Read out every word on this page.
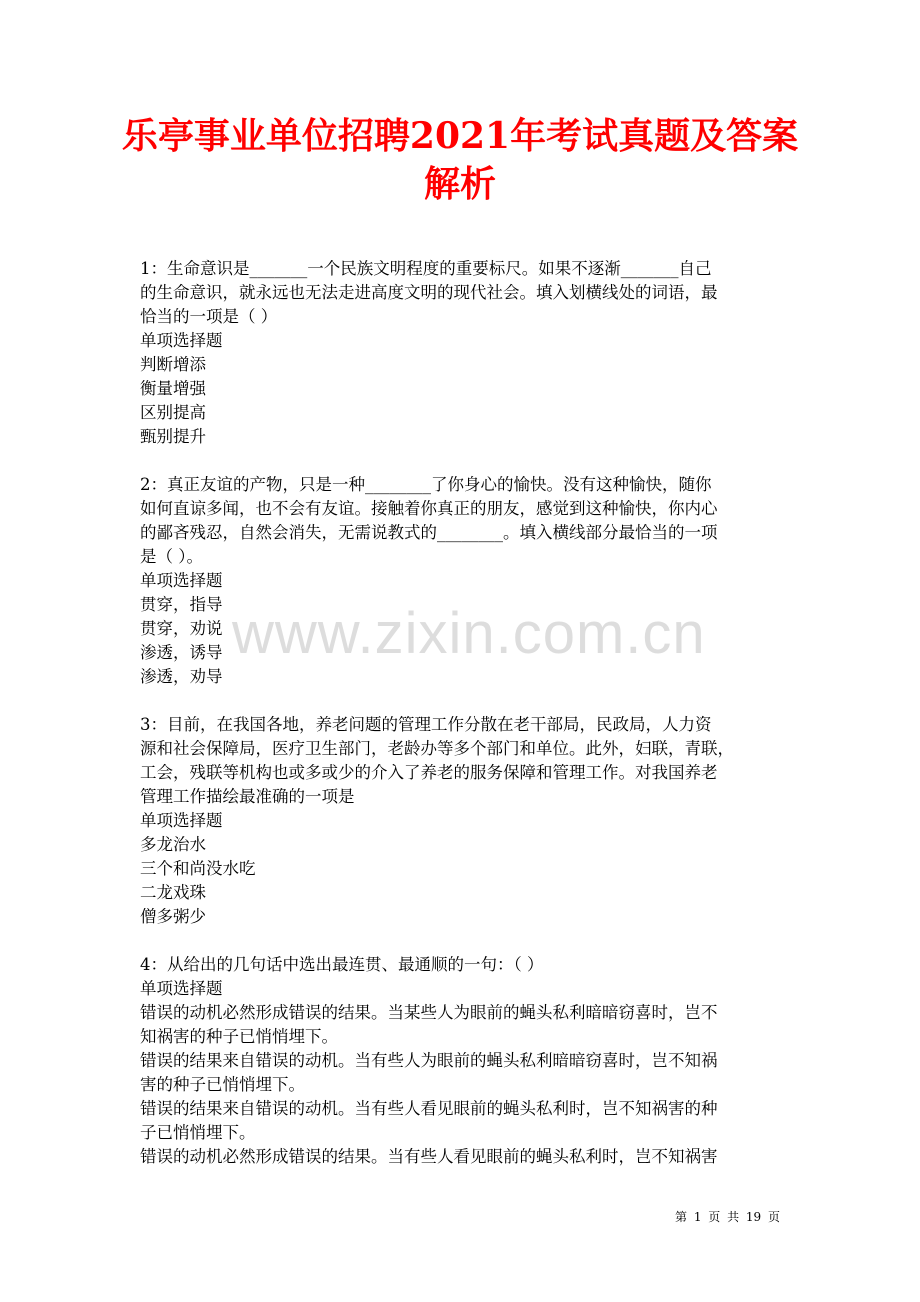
乐亭事业单位招聘2021年考试真题及答案
解析
www.zixin.com.cn

1：生命意识是_______一个民族文明程度的重要标尺。如果不逐渐_______自己

的生命意识，就永远也无法走进高度文明的现代社会。填入划横线处的词语，最

恰当的一项是（ ）

单项选择题

判断增添

衡量增强

区别提高

甄别提升

2：真正友谊的产物，只是一种________了你身心的愉快。没有这种愉快，随你

如何直谅多闻，也不会有友谊。接触着你真正的朋友，感觉到这种愉快，你内心

的鄙吝残忍，自然会消失，无需说教式的________。填入横线部分最恰当的一项

是（ ）。

单项选择题

贯穿，指导

贯穿，劝说

渗透，诱导

渗透，劝导

3：目前，在我国各地，养老问题的管理工作分散在老干部局，民政局，人力资

源和社会保障局，医疗卫生部门，老龄办等多个部门和单位。此外，妇联，青联，

工会，残联等机构也或多或少的介入了养老的服务保障和管理工作。对我国养老

管理工作描绘最准确的一项是

单项选择题

多龙治水

三个和尚没水吃

二龙戏珠

僧多粥少

4：从给出的几句话中选出最连贯、最通顺的一句：（ ）

单项选择题

错误的动机必然形成错误的结果。当某些人为眼前的蝇头私利暗暗窃喜时，岂不

知祸害的种子已悄悄埋下。

错误的结果来自错误的动机。当有些人为眼前的蝇头私利暗暗窃喜时，岂不知祸

害的种子已悄悄埋下。

错误的结果来自错误的动机。当有些人看见眼前的蝇头私利时，岂不知祸害的种

子已悄悄埋下。

错误的动机必然形成错误的结果。当有些人看见眼前的蝇头私利时，岂不知祸害

第 1 页 共 19 页
